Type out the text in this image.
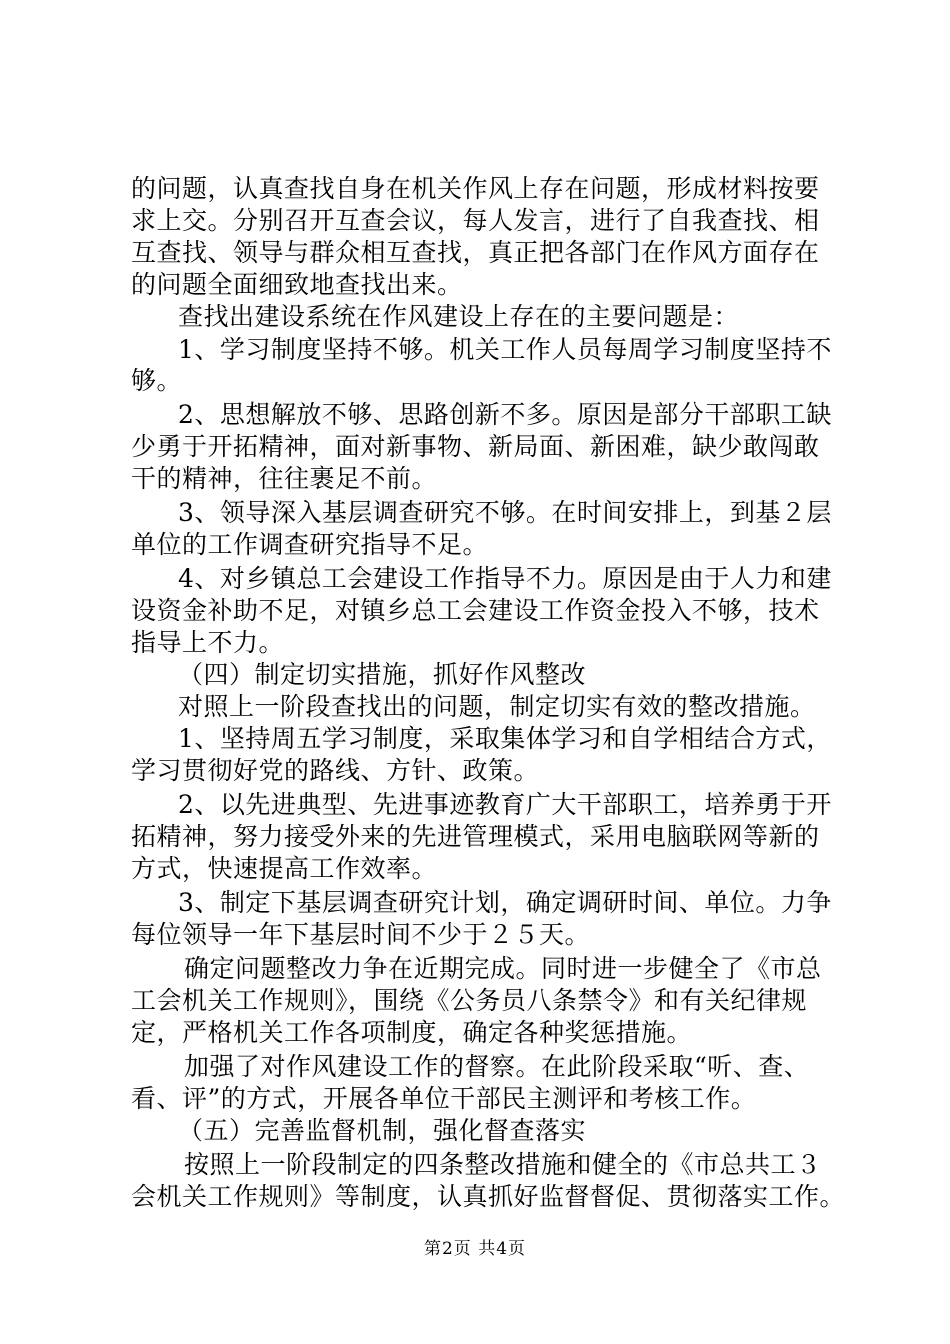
的问题，认真查找自身在机关作风上存在问题，形成材料按要
求上交。分别召开互查会议，每人发言，进行了自我查找、相
互查找、领导与群众相互查找，真正把各部门在作风方面存在
的问题全面细致地查找出来。
查找出建设系统在作风建设上存在的主要问题是：
1、学习制度坚持不够。机关工作人员每周学习制度坚持不
够。
2、思想解放不够、思路创新不多。原因是部分干部职工缺
少勇于开拓精神，面对新事物、新局面、新困难，缺少敢闯敢
干的精神，往往裹足不前。
3、领导深入基层调查研究不够。在时间安排上，到基２层
单位的工作调查研究指导不足。
4、对乡镇总工会建设工作指导不力。原因是由于人力和建
设资金补助不足，对镇乡总工会建设工作资金投入不够，技术
指导上不力。
（四）制定切实措施，抓好作风整改
对照上一阶段查找出的问题，制定切实有效的整改措施。
1、坚持周五学习制度，采取集体学习和自学相结合方式，
学习贯彻好党的路线、方针、政策。
2、以先进典型、先进事迹教育广大干部职工，培养勇于开
拓精神，努力接受外来的先进管理模式，采用电脑联网等新的
方式，快速提高工作效率。
3、制定下基层调查研究计划，确定调研时间、单位。力争
每位领导一年下基层时间不少于２５天。
确定问题整改力争在近期完成。同时进一步健全了《市总
工会机关工作规则》，围绕《公务员八条禁令》和有关纪律规
定，严格机关工作各项制度，确定各种奖惩措施。
加强了对作风建设工作的督察。在此阶段采取“听、查、
看、评”的方式，开展各单位干部民主测评和考核工作。
（五）完善监督机制，强化督查落实
按照上一阶段制定的四条整改措施和健全的《市总共工３
会机关工作规则》等制度，认真抓好监督督促、贯彻落实工作。
第2页 共4页
